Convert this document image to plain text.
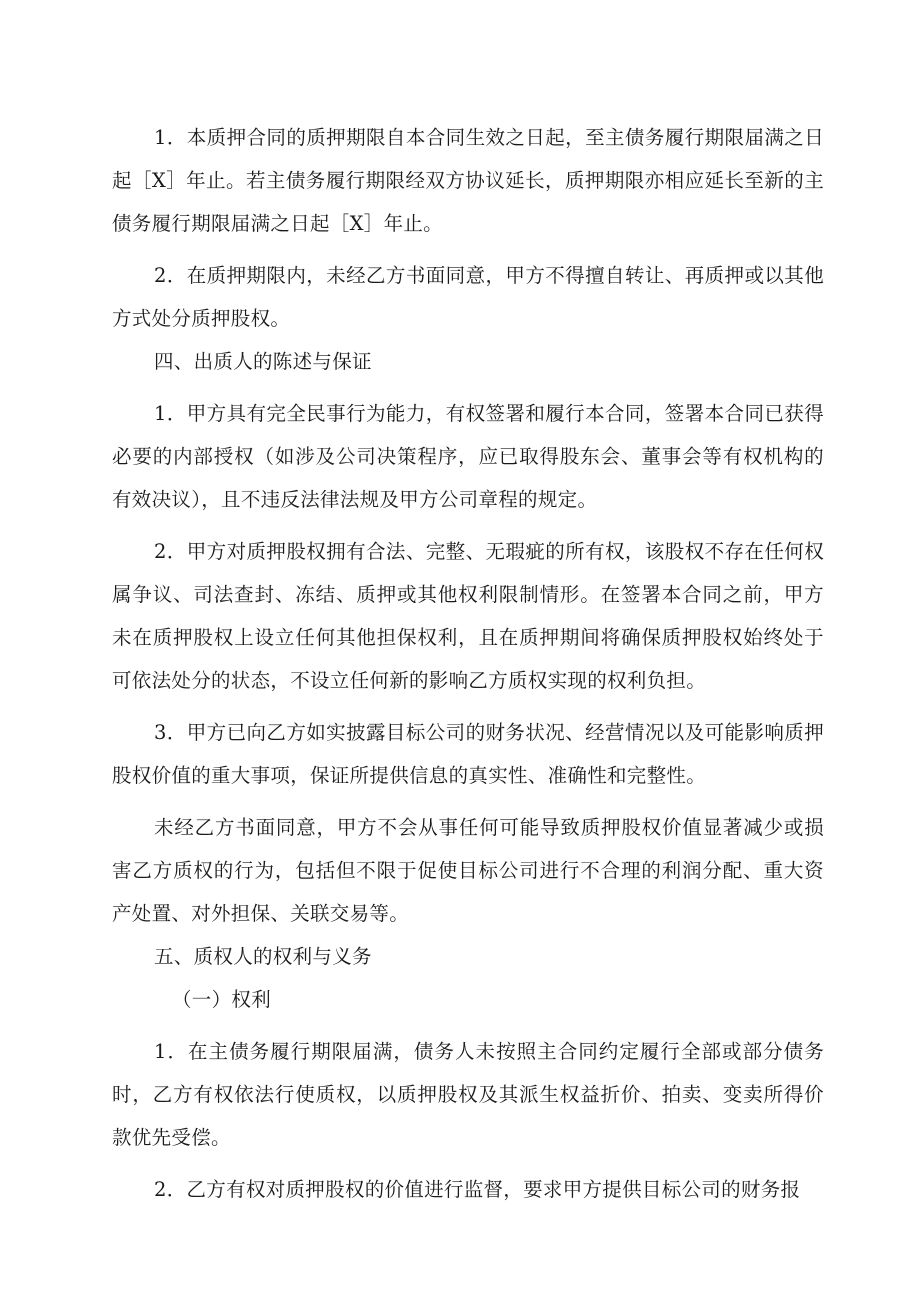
1．本质押合同的质押期限自本合同生效之日起，至主债务履行期限届满之日起［X］年止。若主债务履行期限经双方协议延长，质押期限亦相应延长至新的主债务履行期限届满之日起［X］年止。

2．在质押期限内，未经乙方书面同意，甲方不得擅自转让、再质押或以其他方式处分质押股权。

四、出质人的陈述与保证

1．甲方具有完全民事行为能力，有权签署和履行本合同，签署本合同已获得必要的内部授权（如涉及公司决策程序，应已取得股东会、董事会等有权机构的有效决议），且不违反法律法规及甲方公司章程的规定。

2．甲方对质押股权拥有合法、完整、无瑕疵的所有权，该股权不存在任何权属争议、司法查封、冻结、质押或其他权利限制情形。在签署本合同之前，甲方未在质押股权上设立任何其他担保权利，且在质押期间将确保质押股权始终处于可依法处分的状态，不设立任何新的影响乙方质权实现的权利负担。

3．甲方已向乙方如实披露目标公司的财务状况、经营情况以及可能影响质押股权价值的重大事项，保证所提供信息的真实性、准确性和完整性。

未经乙方书面同意，甲方不会从事任何可能导致质押股权价值显著减少或损害乙方质权的行为，包括但不限于促使目标公司进行不合理的利润分配、重大资产处置、对外担保、关联交易等。

五、质权人的权利与义务

（一）权利

1．在主债务履行期限届满，债务人未按照主合同约定履行全部或部分债务时，乙方有权依法行使质权，以质押股权及其派生权益折价、拍卖、变卖所得价款优先受偿。

2．乙方有权对质押股权的价值进行监督，要求甲方提供目标公司的财务报
